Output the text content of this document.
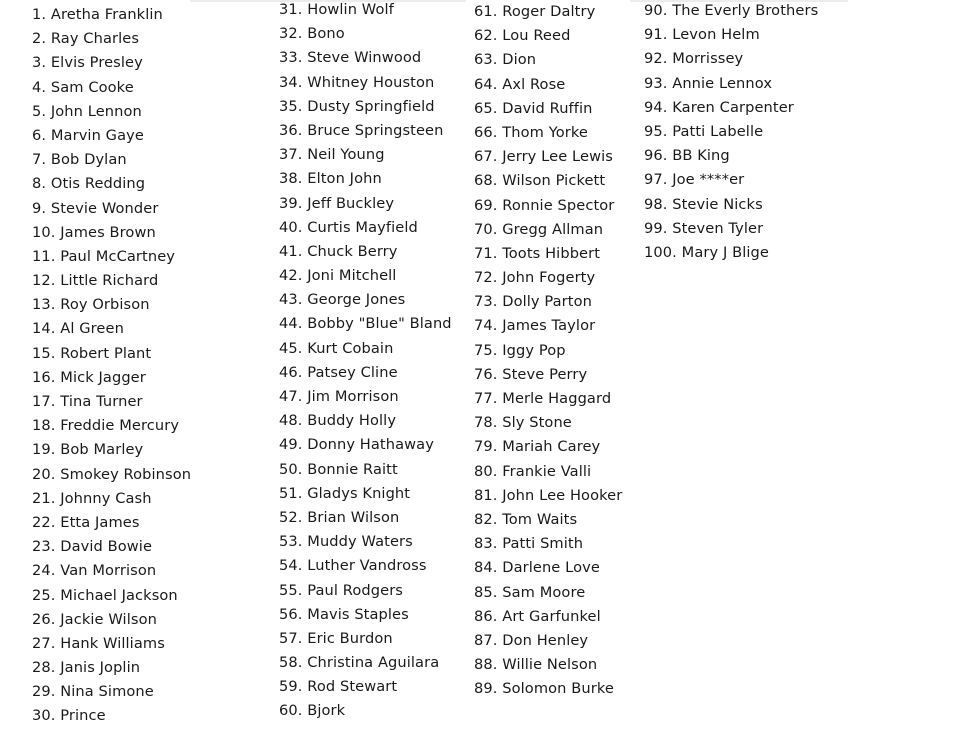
1. Aretha Franklin
2. Ray Charles
3. Elvis Presley
4. Sam Cooke
5. John Lennon
6. Marvin Gaye
7. Bob Dylan
8. Otis Redding
9. Stevie Wonder
10. James Brown
11. Paul McCartney
12. Little Richard
13. Roy Orbison
14. Al Green
15. Robert Plant
16. Mick Jagger
17. Tina Turner
18. Freddie Mercury
19. Bob Marley
20. Smokey Robinson
21. Johnny Cash
22. Etta James
23. David Bowie
24. Van Morrison
25. Michael Jackson
26. Jackie Wilson
27. Hank Williams
28. Janis Joplin
29. Nina Simone
30. Prince
31. Howlin Wolf
32. Bono
33. Steve Winwood
34. Whitney Houston
35. Dusty Springfield
36. Bruce Springsteen
37. Neil Young
38. Elton John
39. Jeff Buckley
40. Curtis Mayfield
41. Chuck Berry
42. Joni Mitchell
43. George Jones
44. Bobby "Blue" Bland
45. Kurt Cobain
46. Patsey Cline
47. Jim Morrison
48. Buddy Holly
49. Donny Hathaway
50. Bonnie Raitt
51. Gladys Knight
52. Brian Wilson
53. Muddy Waters
54. Luther Vandross
55. Paul Rodgers
56. Mavis Staples
57. Eric Burdon
58. Christina Aguilara
59. Rod Stewart
60. Bjork
61. Roger Daltry
62. Lou Reed
63. Dion
64. Axl Rose
65. David Ruffin
66. Thom Yorke
67. Jerry Lee Lewis
68. Wilson Pickett
69. Ronnie Spector
70. Gregg Allman
71. Toots Hibbert
72. John Fogerty
73. Dolly Parton
74. James Taylor
75. Iggy Pop
76. Steve Perry
77. Merle Haggard
78. Sly Stone
79. Mariah Carey
80. Frankie Valli
81. John Lee Hooker
82. Tom Waits
83. Patti Smith
84. Darlene Love
85. Sam Moore
86. Art Garfunkel
87. Don Henley
88. Willie Nelson
89. Solomon Burke
90. The Everly Brothers
91. Levon Helm
92. Morrissey
93. Annie Lennox
94. Karen Carpenter
95. Patti Labelle
96. BB King
97. Joe ****er
98. Stevie Nicks
99. Steven Tyler
100. Mary J Blige
